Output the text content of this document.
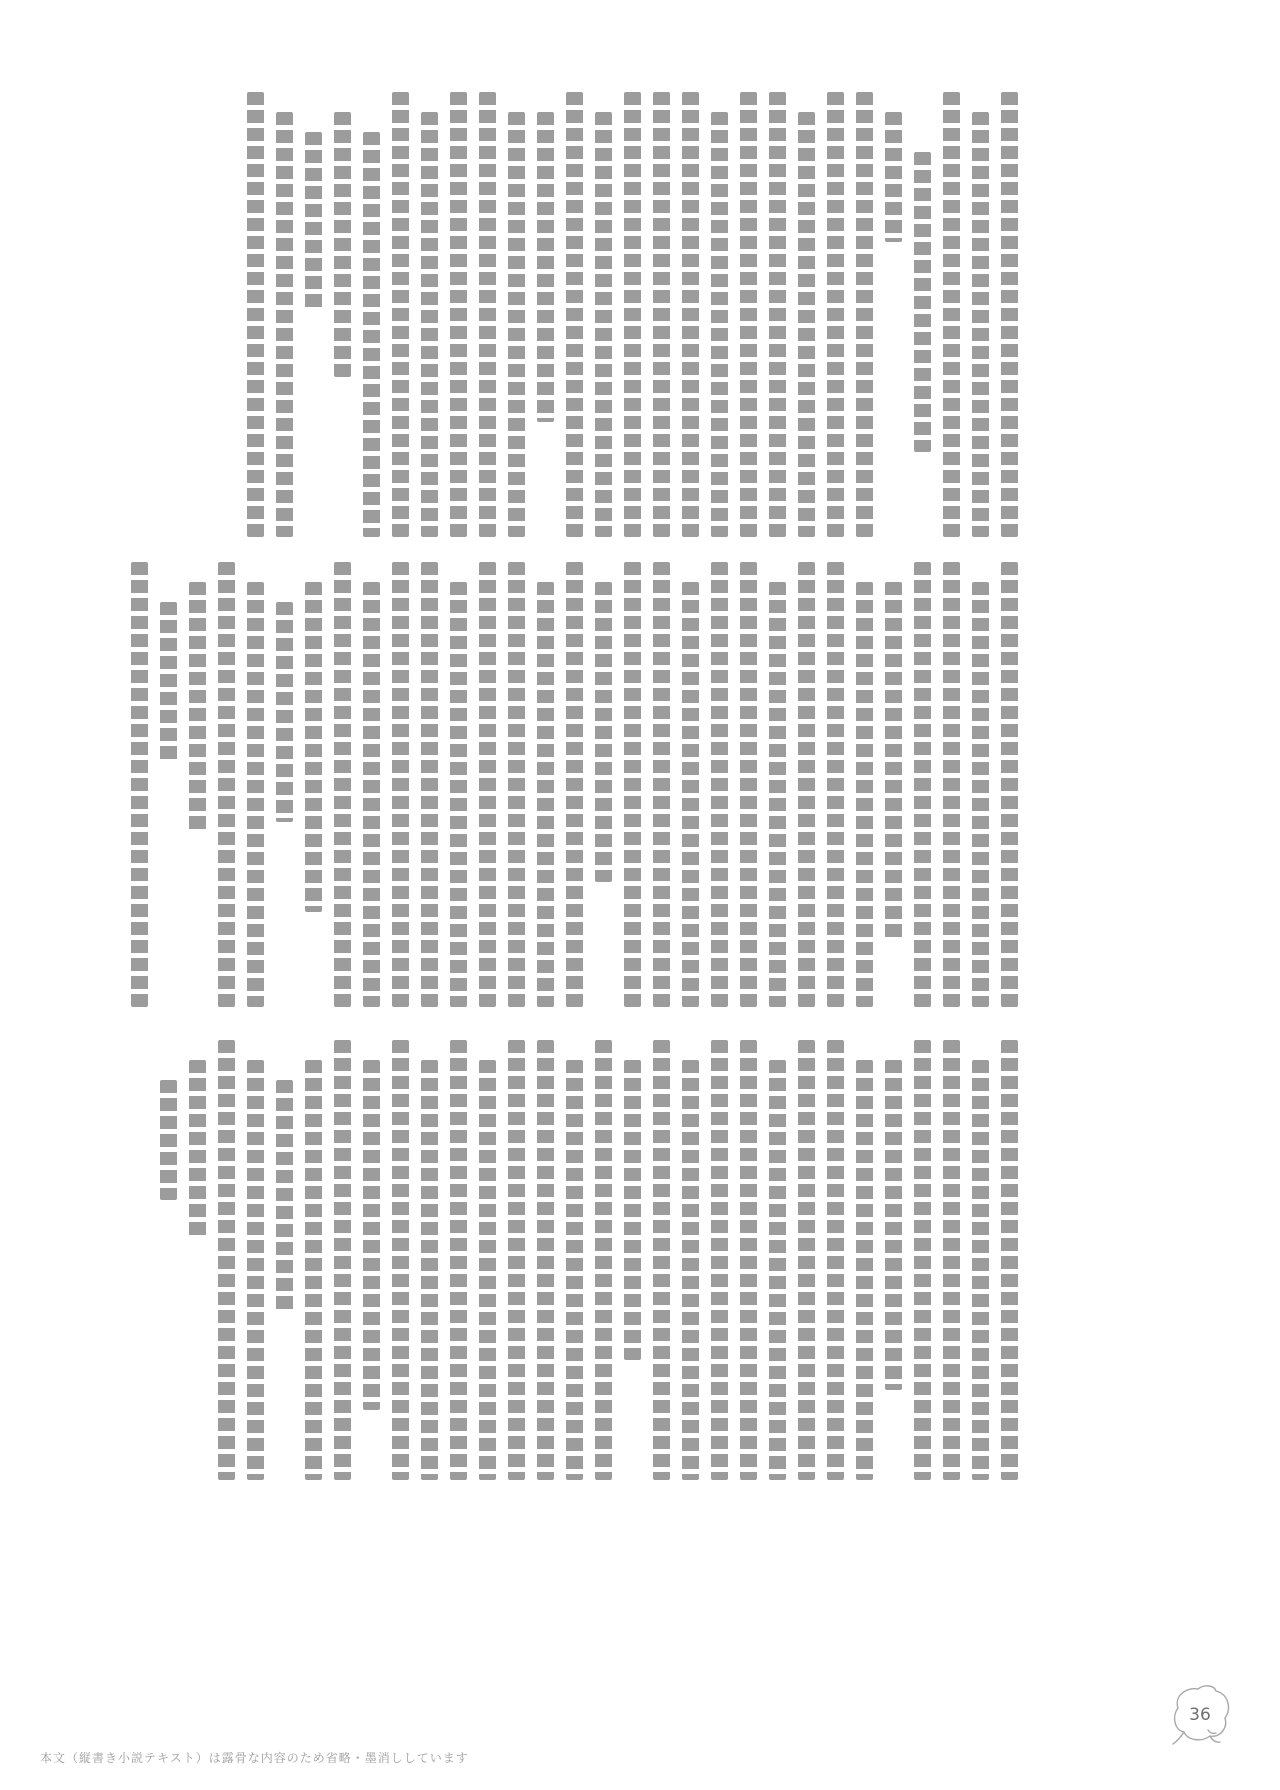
本文（縦書き小説テキスト）は露骨な内容のため省略・墨消ししています
36
